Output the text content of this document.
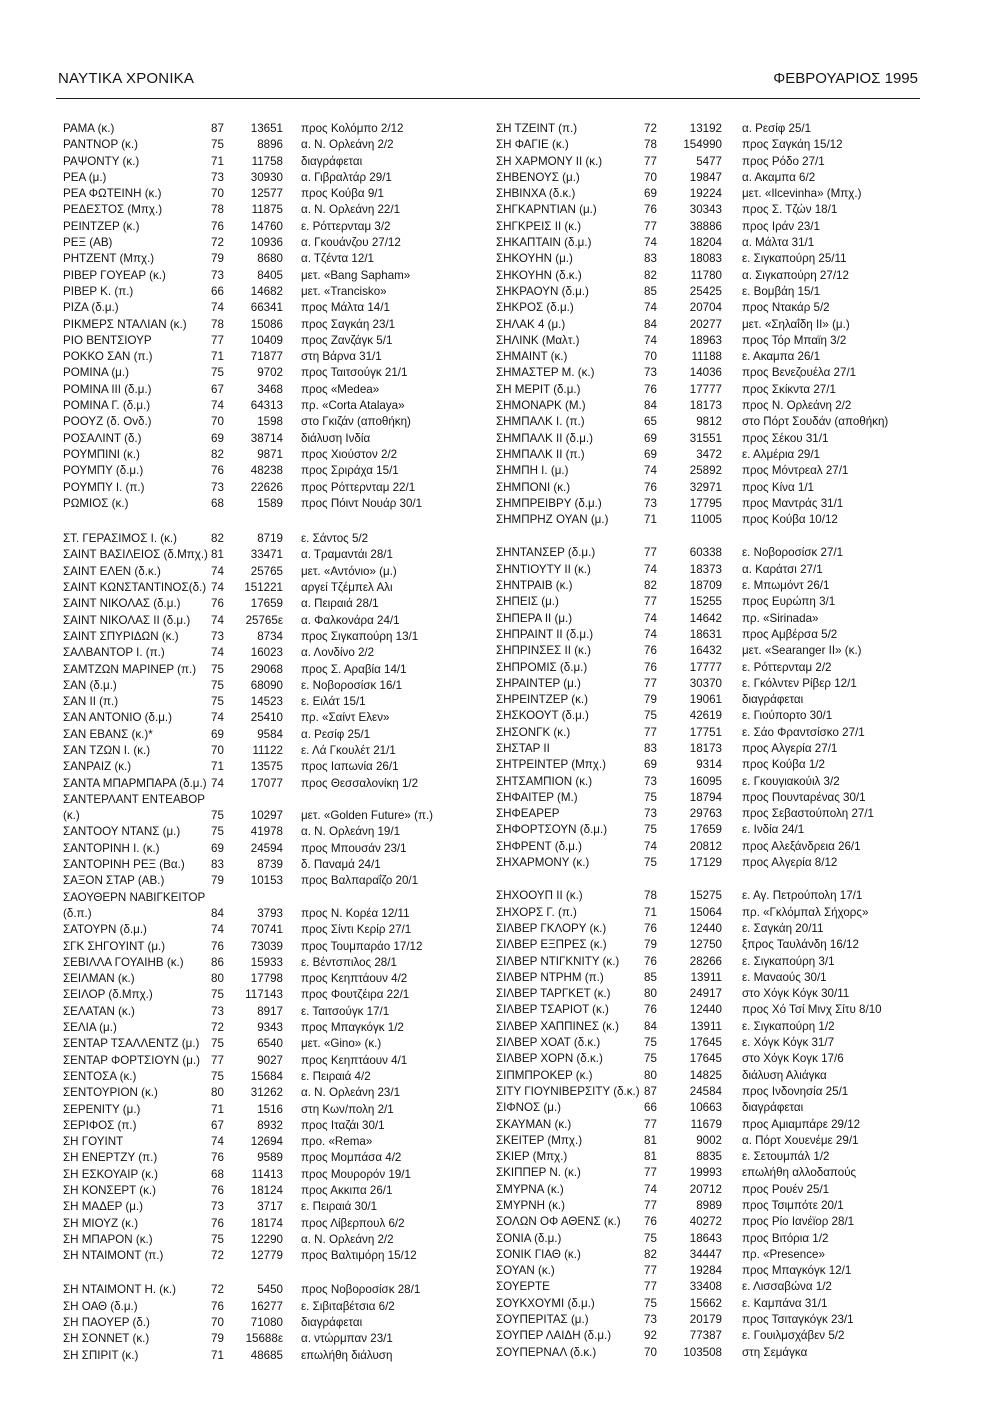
ΝΑΥΤΙΚΑ ΧΡΟΝΙΚΑ	ΦΕΒΡΟΥΑΡΙΟΣ 1995
ΡΑΜΑ (κ.)	87 13651 προς Κολόμπο 2/12
ΡΑΝΤΝΟΡ (κ.)	75	8896 α. Ν. Ορλεάνη 2/2
ΡΑΨΟΝΤΥ (κ.)	71 11758 διαγράφεται
ΡΕΑ (μ.)	73 30930 α. Γιβραλτάρ 29/1
ΡΕΑ ΦΩΤΕΙΝΗ (κ.)	70 12577 προς Κούβα 9/1
ΡΕΔΕΣΤΟΣ (Μπχ.)	78 11875 α. Ν. Ορλεάνη 22/1
ΡΕΙΝΤΖΕΡ (κ.)	76 14760 ε. Ρόττερνταμ 3/2
ΡΕΞ (ΑΒ)	72 10936 α. Γκουάνζου 27/12
ΡΗΤΖΕΝΤ (Μπχ.)	79	8680 α. Τζέντα 12/1
ΡΙΒΕΡ ΓΟΥΕΑΡ (κ.)	73	8405 μετ. «Bang Sapham»
ΡΙΒΕΡ Κ. (π.)	66 14682 μετ. «Trancisko»
ΡΙΖΑ (δ.μ.)	74 66341 προς Μάλτα 14/1
ΡΙΚΜΕΡΣ ΝΤΑΛΙΑΝ (κ.) 78 15086 προς Σαγκάη 23/1
ΡΙΟ ΒΕΝΤΣΙΟΥΡ	77 10409 προς Ζανζάγκ 5/1
ΡΟΚΚΟ ΣΑΝ (π.)	71 71877 στη Βάρνα 31/1
ΡΟΜΙΝΑ (μ.)	75	9702 προς Ταιτσούγκ 21/1
ΡΟΜΙΝΑ ΙΙΙ (δ.μ.)	67	3468 προς «Medea»
ΡΟΜΙΝΑ Γ. (δ.μ.)	74 64313 πρ. «Corta Atalaya»
ΡΟΟΥΖ (δ. Ovδ.)	70	1598 στο Γκιζάν (αποθήκη)
ΡΟΣΑΛΙΝΤ (δ.)	69 38714 διάλυση Ινδία
ΡΟΥΜΠΙΝΙ (κ.)	82	9871 προς Χιούστον 2/2
ΡΟΥΜΠΥ (δ.μ.)	76 48238 προς Σριράχα 15/1
ΡΟΥΜΠΥ Ι. (π.)	73 22626 προς Ρόττερνταμ 22/1
ΡΩΜΙΟΣ (κ.)	68	1589 προς Πόιντ Νουάρ 30/1
ΣΤ. ΓΕΡΑΣΙΜΟΣ Ι. (κ.)	82	8719 ε. Σάντος 5/2
ΣΑΙΝΤ ΒΑΣΙΛΕΙΟΣ (δ.Μπχ.) 81 33471 α. Τραμαντάι 28/1
ΣΑΙΝΤ ΕΛΕΝ (δ.κ.)	74 25765 μετ. «Αντόνιο» (μ.)
ΣΑΙΝΤ ΚΩΝΣΤΑΝΤΙΝΟΣ(δ.) 74 151221 αργεί Τζέμπελ Αλι
ΣΑΙΝΤ ΝΙΚΟΛΑΣ (δ.μ.)	76 17659 α. Πειραιά 28/1
ΣΑΙΝΤ ΝΙΚΟΛΑΣ ΙΙ (δ.μ.) 74 25765ε α. Φαλκονάρα 24/1
ΣΑΙΝΤ ΣΠΥΡΙΔΩΝ (κ.)	73	8734 προς Σιγκαπούρη 13/1
ΣΑΛΒΑΝΤΟΡ Ι. (π.)	74 16023 α. Λονδίνο 2/2
ΣΑΜΤΖΩΝ ΜΑΡΙΝΕΡ (π.) 75 29068 προς Σ. Αραβία 14/1
ΣΑΝ (δ.μ.)	75 68090 ε. Νοβοροσίσκ 16/1
ΣΑΝ ΙΙ (π.)	75 14523 ε. Ειλάτ 15/1
ΣΑΝ ΑΝΤΟΝΙΟ (δ.μ.)	74 25410 πρ. «Σαίντ Ελεν»
ΣΑΝ ΕΒΑΝΣ (κ.)*	69	9584 α. Ρεσίφ 25/1
ΣΑΝ ΤΖΩΝ Ι. (κ.)	70 11122 ε. Λά Γκουλέτ 21/1
ΣΑΝΡΑΙΖ (κ.)	71 13575 προς Ιαπωνία 26/1
ΣΑΝΤΑ ΜΠΑΡΜΠΑΡΑ (δ.μ.) 74 17077 προς Θεσσαλονίκη 1/2
ΣΑΝΤΕΡΛΑΝΤ ΕΝΤΕΑΒΟΡ
(κ.)	75 10297 μετ. «Golden Future» (π.)
ΣΑΝΤΟΟΥ ΝΤΑΝΣ (μ.)	75 41978 α. Ν. Ορλεάνη 19/1
ΣΑΝΤΟΡΙΝΗ Ι. (κ.)	69 24594 προς Μπουσάν 23/1
ΣΑΝΤΟΡΙΝΗ ΡΕΞ (Βα.) 83	8739 δ. Παναμά 24/1
ΣΑΞΟΝ ΣΤΑΡ (ΑΒ.)	79 10153 προς Βαλπαραΐζο 20/1
ΣΑΟΥΘΕΡΝ ΝΑΒΙΓΚΕΙΤΟΡ
(δ.π.)	84	3793 προς Ν. Κορέα 12/11
ΣΑΤΟΥΡΝ (δ.μ.)	74 70741 προς Σίντι Κερίρ 27/1
ΣΓΚ ΣΗΓΟΥΙΝΤ (μ.)	76 73039 προς Τουμπαράο 17/12
ΣΕΒΙΛΛΑ ΓΟΥΑΙΗΒ (κ.) 86 15933 ε. Βέντσπιλος 28/1
ΣΕΙΛΜΑΝ (κ.)	80 17798 προς Κεηπτάουν 4/2
ΣΕΙΛΟΡ (δ.Μπχ.)	75 117143 προς Φουτζέιρα 22/1
ΣΕΛΑΤΑΝ (κ.)	73	8917 ε. Ταιτσούγκ 17/1
ΣΕΛΙΑ (μ.)	72	9343 προς Μπαγκόγκ 1/2
ΣΕΝΤΑΡ ΤΣΑΛΛΕΝΤΖ (μ.) 75	6540 μετ. «Gino» (κ.)
ΣΕΝΤΑΡ ΦΟΡΤΣΙΟΥΝ (μ.) 77	9027 προς Κεηπτάουν 4/1
ΣΕΝΤΟΣΑ (κ.)	75 15684 ε. Πειραιά 4/2
ΣΕΝΤΟΥΡΙΟΝ (κ.)	80 31262 α. Ν. Ορλεάνη 23/1
ΣΕΡΕΝΙΤΥ (μ.)	71	1516 στη Κων/πολη 2/1
ΣΕΡΙΦΟΣ (π.)	67	8932 προς Ιταζάι 30/1
ΣΗ ΓΟΥΙΝΤ	74 12694 προ. «Rema»
ΣΗ ΕΝΕΡΤΖΥ (π.)	76	9589 προς Μομπάσα 4/2
ΣΗ ΕΣΚΟΥΑΙΡ (κ.)	68 11413 προς Μουρορόν 19/1
ΣΗ ΚΟΝΣΕΡΤ (κ.)	76 18124 προς Ακκιπα 26/1
ΣΗ ΜΑΔΕΡ (μ.)	73	3717 ε. Πειραιά 30/1
ΣΗ ΜΙΟΥΖ (κ.)	76 18174 προς Λίβερπουλ 6/2
ΣΗ ΜΠΑΡΟΝ (κ.)	75 12290 α. Ν. Ορλεάνη 2/2
ΣΗ ΝΤΑΙΜΟΝΤ (π.)	72 12779 προς Βαλτιμόρη 15/12
ΣΗ ΝΤΑΙΜΟΝΤ Η. (κ.)	72	5450 προς Νοβοροσίσκ 28/1
ΣΗ ΟΑΘ (δ.μ.)	76 16277 ε. Σιβιταβέτσια 6/2
ΣΗ ΠΑΟΥΕΡ (δ.)	70 71080 διαγράφεται
ΣΗ ΣΟΝΝΕΤ (κ.)	79 15688ε α. ντώρμπαν 23/1
ΣΗ ΣΠΙΡΙΤ (κ.)	71 48685 επωλήθη διάλυση
ΣΗ ΤΖΕΙΝΤ (π.)	72	13192 α. Ρεσίφ 25/1
ΣΗ ΦΑΓΙΕ (κ.)	78 154990 προς Σαγκάη 15/12
ΣΗ ΧΑΡΜΟΝΥ ΙΙ (κ.)	77	5477 προς Ρόδο 27/1
ΣΗΒΕΝΟΥΣ (μ.)	70	19847 α. Ακαμπα 6/2
ΣΗΒΙΝΧΑ (δ.κ.)	69	19224 μετ. «Ilcevinha» (Μπχ.)
ΣΗΓΚΑΡΝΤΙΑΝ (μ.)	76	30343 προς Σ. Τζών 18/1
ΣΗΓΚΡΕΙΣ ΙΙ (κ.)	77	38886 προς Ιράν 23/1
ΣΗΚΑΠΤΑΙΝ (δ.μ.)	74	18204 α. Μάλτα 31/1
ΣΗΚΟΥΗΝ (μ.)	83	18083 ε. Σιγκαπούρη 25/11
ΣΗΚΟΥΗΝ (δ.κ.)	82	11780 α. Σιγκαπούρη 27/12
ΣΗΚΡΑΟΥΝ (δ.μ.)	85	25425 ε. Βομβάη 15/1
ΣΗΚΡΟΣ (δ.μ.)	74	20704 προς Ντακάρ 5/2
ΣΗΛΑΚ 4 (μ.)	84	20277 μετ. «Σηλαΐδη ΙΙ» (μ.)
ΣΗΛΙΝΚ (Μαλτ.)	74	18963 προς Τόρ Μπαϊη 3/2
ΣΗΜΑΙΝΤ (κ.)	70	11188 ε. Ακαμπα 26/1
ΣΗΜΑΣΤΕΡ Μ. (κ.)	73	14036 προς Βενεζουέλα 27/1
ΣΗ ΜΕΡΙΤ (δ.μ.)	76	17777 προς Σκίκντα 27/1
ΣΗΜΟΝΑΡΚ (Μ.)	84	18173 προς Ν. Ορλεάνη 2/2
ΣΗΜΠΑΛΚ Ι. (π.)	65	9812 στο Πόρτ Σουδάν (αποθήκη)
ΣΗΜΠΑΛΚ ΙΙ (δ.μ.)	69	31551 προς Σέκου 31/1
ΣΗΜΠΑΛΚ ΙΙ (π.)	69	3472 ε. Αλμέρια 29/1
ΣΗΜΠΗ Ι. (μ.)	74	25892 προς Μόντρεαλ 27/1
ΣΗΜΠΟΝΙ (κ.)	76	32971 προς Κίνα 1/1
ΣΗΜΠΡΕΙΒΡΥ (δ.μ.)	73	17795 προς Μαντράς 31/1
ΣΗΜΠΡΗΖ ΟΥΑΝ (μ.)	71	11005 προς Κούβα 10/12
ΣΗΝΤΑΝΣΕΡ (δ.μ.)	77	60338 ε. Νοβοροσίσκ 27/1
ΣΗΝΤΙΟΥΤΥ ΙΙ (κ.)	74	18373 α. Καράτσι 27/1
ΣΗΝΤΡΑΙΒ (κ.)	82	18709 ε. Μπωμόντ 26/1
ΣΗΠΕΙΣ (μ.)	77	15255 προς Ευρώπη 3/1
ΣΗΠΕΡΑ ΙΙ (μ.)	74	14642 πρ. «Sirinada»
ΣΗΠΡΑΙΝΤ ΙΙ (δ.μ.)	74	18631 προς Αμβέρσα 5/2
ΣΗΠΡΙΝΣΕΣ ΙΙ (κ.)	76	16432 μετ. «Searanger ΙΙ» (κ.)
ΣΗΠΡΟΜΙΣ (δ.μ.)	76	17777 ε. Ρόττερνταμ 2/2
ΣΗΡΑΙΝΤΕΡ (μ.)	77	30370 ε. Γκόλντεν Ρίβερ 12/1
ΣΗΡΕΙΝΤΖΕΡ (κ.)	79	19061 διαγράφεται
ΣΗΣΚΟΟΥΤ (δ.μ.)	75	42619 ε. Γιούπορτο 30/1
ΣΗΣΟΝΓΚ (κ.)	77	17751 ε. Σάο Φραντσίσκο 27/1
ΣΗΣΤΑΡ ΙΙ	83	18173 προς Αλγερία 27/1
ΣΗΤΡΕΙΝΤΕΡ (Μπχ.)	69	9314 προς Κούβα 1/2
ΣΗΤΣΑΜΠΙΟΝ (κ.)	73	16095 ε. Γκουγιακούιλ 3/2
ΣΗΦΑΙΤΕΡ (Μ.)	75	18794 προς Πουνταρένας 30/1
ΣΗΦΕΑΡΕΡ	73	29763 προς Σεβαστούπολη 27/1
ΣΗΦΟΡΤΣΟΥΝ (δ.μ.)	75	17659 ε. Ινδία 24/1
ΣΗΦΡΕΝΤ (δ.μ.)	74	20812 προς Αλεξάνδρεια 26/1
ΣΗΧΑΡΜΟΝΥ (κ.)	75	17129 προς Αλγερία 8/12
ΣΗΧΟΟΥΠ ΙΙ (κ.)	78	15275 ε. Αγ. Πετρούπολη 17/1
ΣΗΧΟΡΣ Γ. (π.)	71	15064 πρ. «Γκλόμπαλ Σήχορς»
ΣΙΛΒΕΡ ΓΚΛΟΡΥ (κ.)	76	12440 ε. Σαγκάη 20/11
ΣΙΛΒΕΡ ΕΞΠΡΕΣ (κ.)	79	12750 ξπρος Ταυλάνδη 16/12
ΣΙΛΒΕΡ ΝΤΙΓΚΝΙΤΥ (κ.) 76	28266 ε. Σιγκαπούρη 3/1
ΣΙΛΒΕΡ ΝΤΡΗΜ (π.)	85	13911 ε. Μαναούς 30/1
ΣΙΛΒΕΡ ΤΑΡΓΚΕΤ (κ.)	80	24917 στο Χόγκ Κόγκ 30/11
ΣΙΛΒΕΡ ΤΣΑΡΙΟΤ (κ.)	76	12440 προς Χό Τσί Μινχ Σίτυ 8/10
ΣΙΛΒΕΡ ΧΑΠΠΙΝΕΣ (κ.) 84	13911 ε. Σιγκαπούρη 1/2
ΣΙΛΒΕΡ ΧΟΑΤ (δ.κ.)	75	17645 ε. Χόγκ Κόγκ 31/7
ΣΙΛΒΕΡ ΧΟΡΝ (δ.κ.)	75	17645 στο Χόγκ Κογκ 17/6
ΣΙΠΜΠΡΟΚΕΡ (κ.)	80	14825 διάλυση Αλιάγκα
ΣΙΤΥ ΓΙΟΥΝΙΒΕΡΣΙΤΥ (δ.κ.) 87	24584 προς Ινδονησία 25/1
ΣΙΦΝΟΣ (μ.)	66	10663 διαγράφεται
ΣΚΑΥΜΑΝ (κ.)	77	11679 προς Αμιαμπάρε 29/12
ΣΚΕΙΤΕΡ (Μπχ.)	81	9002 α. Πόρτ Χουενέμε 29/1
ΣΚΙΕΡ (Μπχ.)	81	8835 ε. Σετουμπάλ 1/2
ΣΚΙΠΠΕΡ Ν. (κ.)	77	19993 επωλήθη αλλοδαπούς
ΣΜΥΡΝΑ (κ.)	74	20712 προς Ρουέν 25/1
ΣΜΥΡΝΗ (κ.)	77	8989 προς Τσιμπότε 20/1
ΣΟΛΩΝ ΟΦ ΑΘΕΝΣ (κ.) 76	40272 προς Ρίο Ιανέϊορ 28/1
ΣΟΝΙΑ (δ.μ.)	75	18643 προς Βιτόρια 1/2
ΣΟΝΙΚ ΓΙΑΘ (κ.)	82	34447 πρ. «Presence»
ΣΟΥΑΝ (κ.)	77	19284 προς Μπαγκόγκ 12/1
ΣΟΥΕΡΤΕ	77	33408 ε. Λισσαβώνα 1/2
ΣΟΥΚΧΟΥΜΙ (δ.μ.)	75	15662 ε. Καμπάνα 31/1
ΣΟΥΠΕΡΙΤΑΣ (μ.)	73	20179 προς Τσιταγκόγκ 23/1
ΣΟΥΠΕΡ ΛΑΙΔΗ (δ.μ.)	92	77387 ε. Γουιλμσχάβεν 5/2
ΣΟΥΠΕΡΝΑΛ (δ.κ.)	70 103508 στη Σεμάγκα
